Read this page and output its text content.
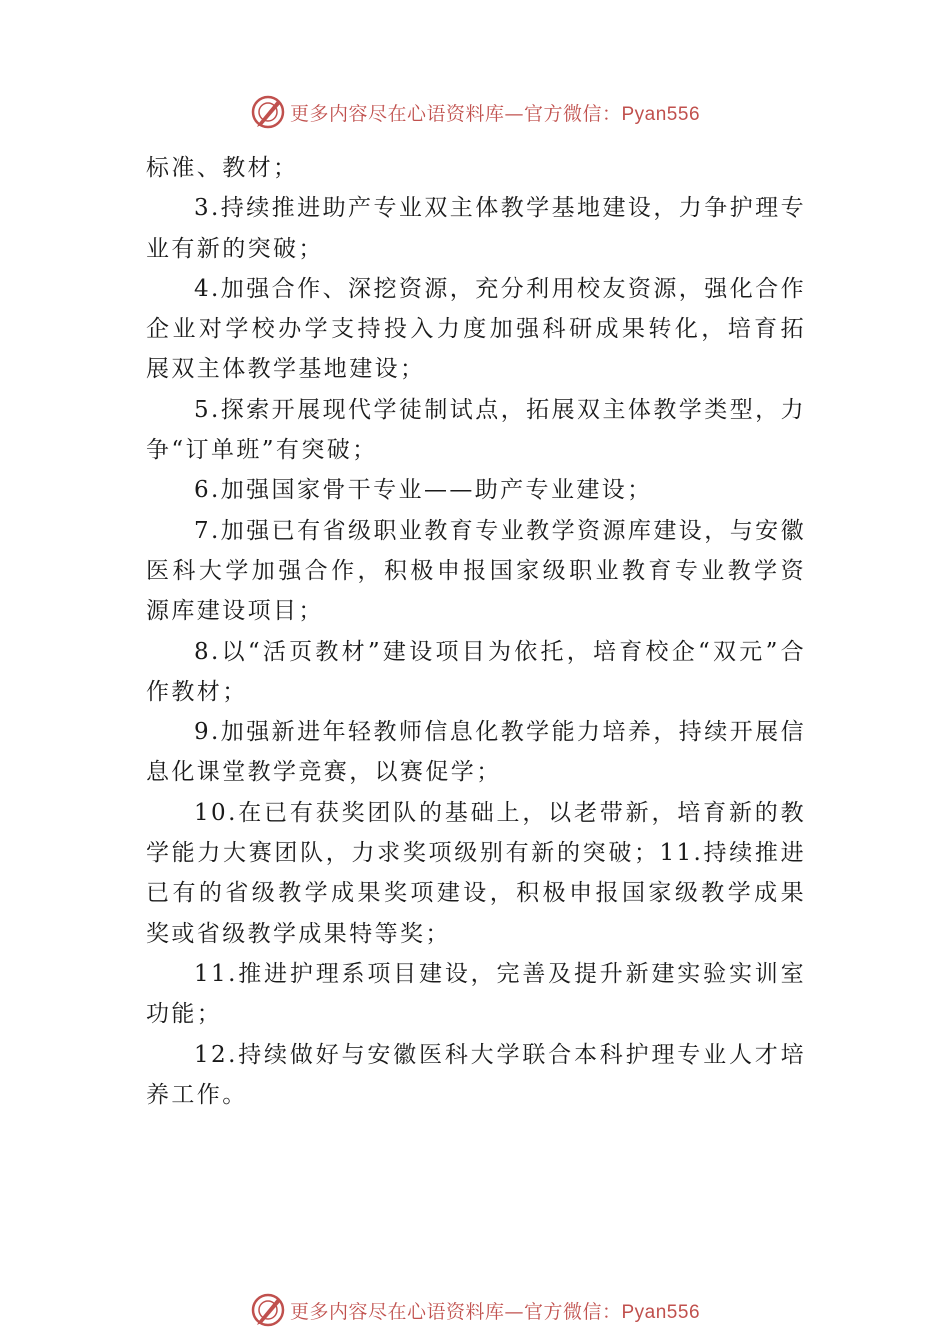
更多内容尽在心语资料库—官方微信：Pyan556

标准、教材；

3.持续推进助产专业双主体教学基地建设，力争护理专业有新的突破；

4.加强合作、深挖资源，充分利用校友资源，强化合作企业对学校办学支持投入力度加强科研成果转化，培育拓展双主体教学基地建设；

5.探索开展现代学徒制试点，拓展双主体教学类型，力争“订单班”有突破；

6.加强国家骨干专业——助产专业建设；

7.加强已有省级职业教育专业教学资源库建设，与安徽医科大学加强合作，积极申报国家级职业教育专业教学资源库建设项目；

8.以“活页教材”建设项目为依托，培育校企“双元”合作教材；

9.加强新进年轻教师信息化教学能力培养，持续开展信息化课堂教学竞赛，以赛促学；

10.在已有获奖团队的基础上，以老带新，培育新的教学能力大赛团队，力求奖项级别有新的突破；11.持续推进已有的省级教学成果奖项建设，积极申报国家级教学成果奖或省级教学成果特等奖；

11.推进护理系项目建设，完善及提升新建实验实训室功能；

12.持续做好与安徽医科大学联合本科护理专业人才培养工作。

更多内容尽在心语资料库—官方微信：Pyan556
